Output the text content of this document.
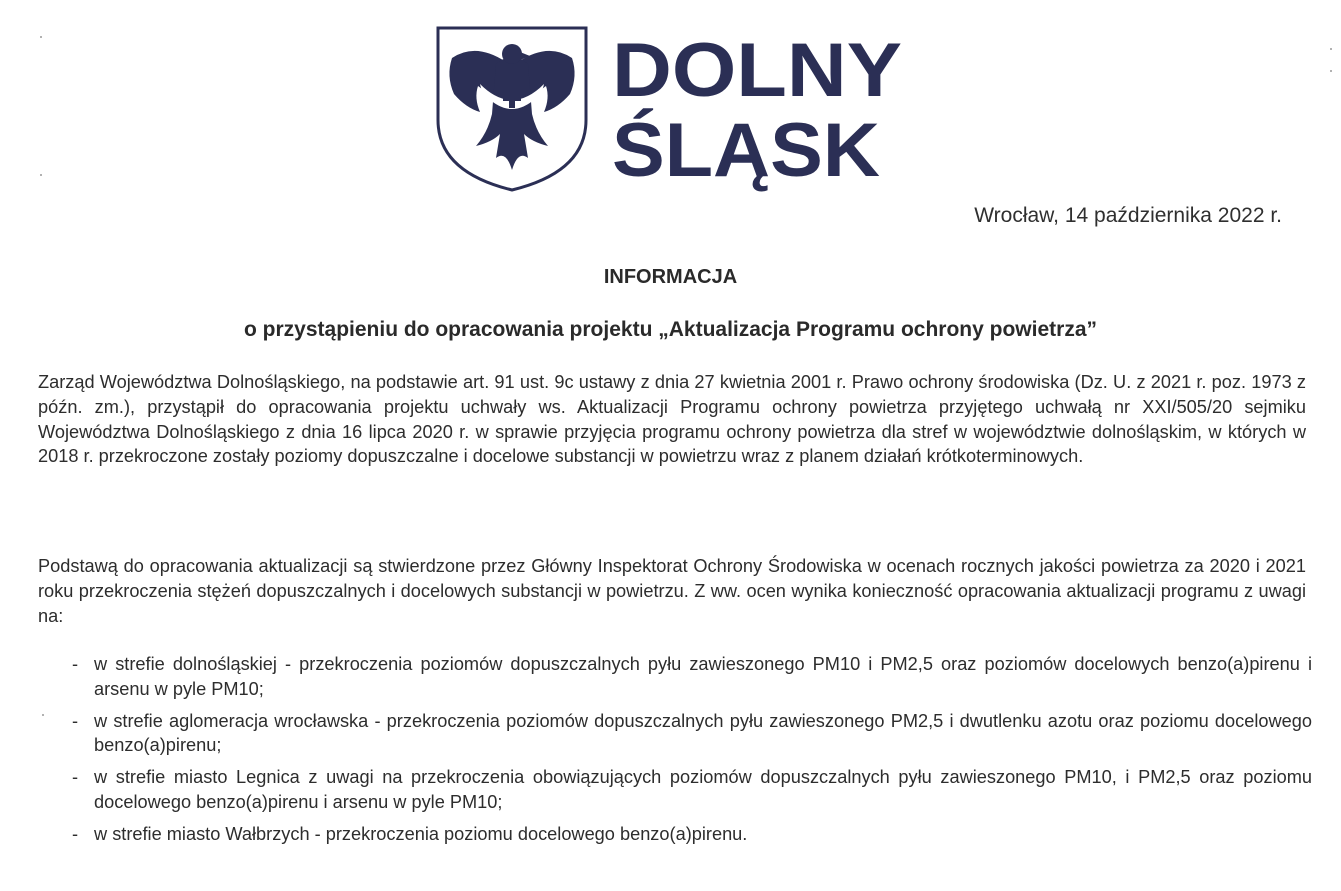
DOLNY
ŚLĄSK
Wrocław, 14 października 2022 r.
INFORMACJA
o przystąpieniu do opracowania projektu „Aktualizacja Programu ochrony powietrza”
Zarząd Województwa Dolnośląskiego, na podstawie art. 91 ust. 9c ustawy z dnia 27 kwietnia 2001 r. Prawo ochrony środowiska (Dz. U. z 2021 r. poz. 1973 z późn. zm.), przystąpił do opracowania projektu uchwały ws. Aktualizacji Programu ochrony powietrza przyjętego uchwałą nr XXI/505/20 sejmiku Województwa Dolnośląskiego z dnia 16 lipca 2020 r. w sprawie przyjęcia programu ochrony powietrza dla stref w województwie dolnośląskim, w których w 2018 r. przekroczone zostały poziomy dopuszczalne i docelowe substancji w powietrzu wraz z planem działań krótkoterminowych.
Podstawą do opracowania aktualizacji są stwierdzone przez Główny Inspektorat Ochrony Środowiska w ocenach rocznych jakości powietrza za 2020 i 2021 roku przekroczenia stężeń dopuszczalnych i docelowych substancji w powietrzu. Z ww. ocen wynika konieczność opracowania aktualizacji programu z uwagi na:
- w strefie dolnośląskiej - przekroczenia poziomów dopuszczalnych pyłu zawieszonego PM10 i PM2,5 oraz poziomów docelowych benzo(a)pirenu i arsenu w pyle PM10;
- w strefie aglomeracja wrocławska - przekroczenia poziomów dopuszczalnych pyłu zawieszonego PM2,5 i dwutlenku azotu oraz poziomu docelowego benzo(a)pirenu;
- w strefie miasto Legnica z uwagi na przekroczenia obowiązujących poziomów dopuszczalnych pyłu zawieszonego PM10, i PM2,5 oraz poziomu docelowego benzo(a)pirenu i arsenu w pyle PM10;
- w strefie miasto Wałbrzych - przekroczenia poziomu docelowego benzo(a)pirenu.
